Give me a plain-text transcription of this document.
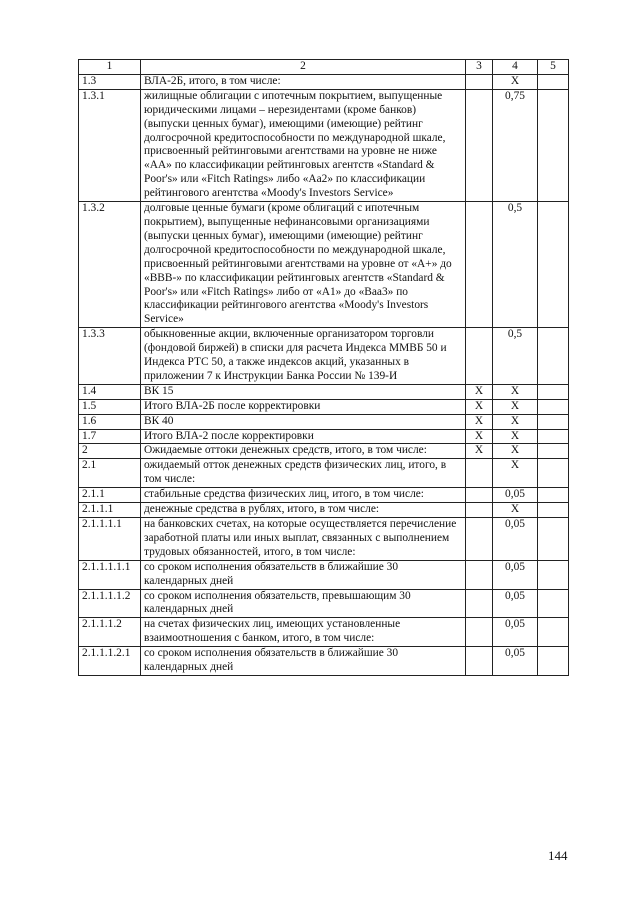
1	2	3	4	5
1.3	ВЛА-2Б, итого, в том числе:		X	
1.3.1	жилищные облигации с ипотечным покрытием, выпущенные юридическими лицами – нерезидентами (кроме банков) (выпуски ценных бумаг), имеющими (имеющие) рейтинг долгосрочной кредитоспособности по международной шкале, присвоенный рейтинговыми агентствами на уровне не ниже «AA» по классификации рейтинговых агентств «Standard & Poor's» или «Fitch Ratings» либо «Aa2» по классификации рейтингового агентства «Moody's Investors Service»		0,75	
1.3.2	долговые ценные бумаги (кроме облигаций с ипотечным покрытием), выпущенные нефинансовыми организациями (выпуски ценных бумаг), имеющими (имеющие) рейтинг долгосрочной кредитоспособности по международной шкале, присвоенный рейтинговыми агентствами на уровне от «A+» до «BBB-» по классификации рейтинговых агентств «Standard & Poor's» или «Fitch Ratings» либо от «A1» до «Baa3» по классификации рейтингового агентства «Moody's Investors Service»		0,5	
1.3.3	обыкновенные акции, включенные организатором торговли (фондовой биржей) в списки для расчета Индекса ММВБ 50 и Индекса РТС 50, а также индексов акций, указанных в приложении 7 к Инструкции Банка России № 139-И		0,5	
1.4	ВК 15	X	X	
1.5	Итого ВЛА-2Б после корректировки	X	X	
1.6	ВК 40	X	X	
1.7	Итого ВЛА-2 после корректировки	X	X	
2	Ожидаемые оттоки денежных средств, итого, в том числе:	X	X	
2.1	ожидаемый отток денежных средств физических лиц, итого, в том числе:		X	
2.1.1	стабильные средства физических лиц, итого, в том числе:		0,05	
2.1.1.1	денежные средства в рублях, итого, в том числе:		X	
2.1.1.1.1	на банковских счетах, на которые осуществляется перечисление заработной платы или иных выплат, связанных с выполнением трудовых обязанностей, итого, в том числе:		0,05	
2.1.1.1.1.1	со сроком исполнения обязательств в ближайшие 30 календарных дней		0,05	
2.1.1.1.1.2	со сроком исполнения обязательств, превышающим 30 календарных дней		0,05	
2.1.1.1.2	на счетах физических лиц, имеющих установленные взаимоотношения с банком, итого, в том числе:		0,05	
2.1.1.1.2.1	со сроком исполнения обязательств в ближайшие 30 календарных дней		0,05	
144
